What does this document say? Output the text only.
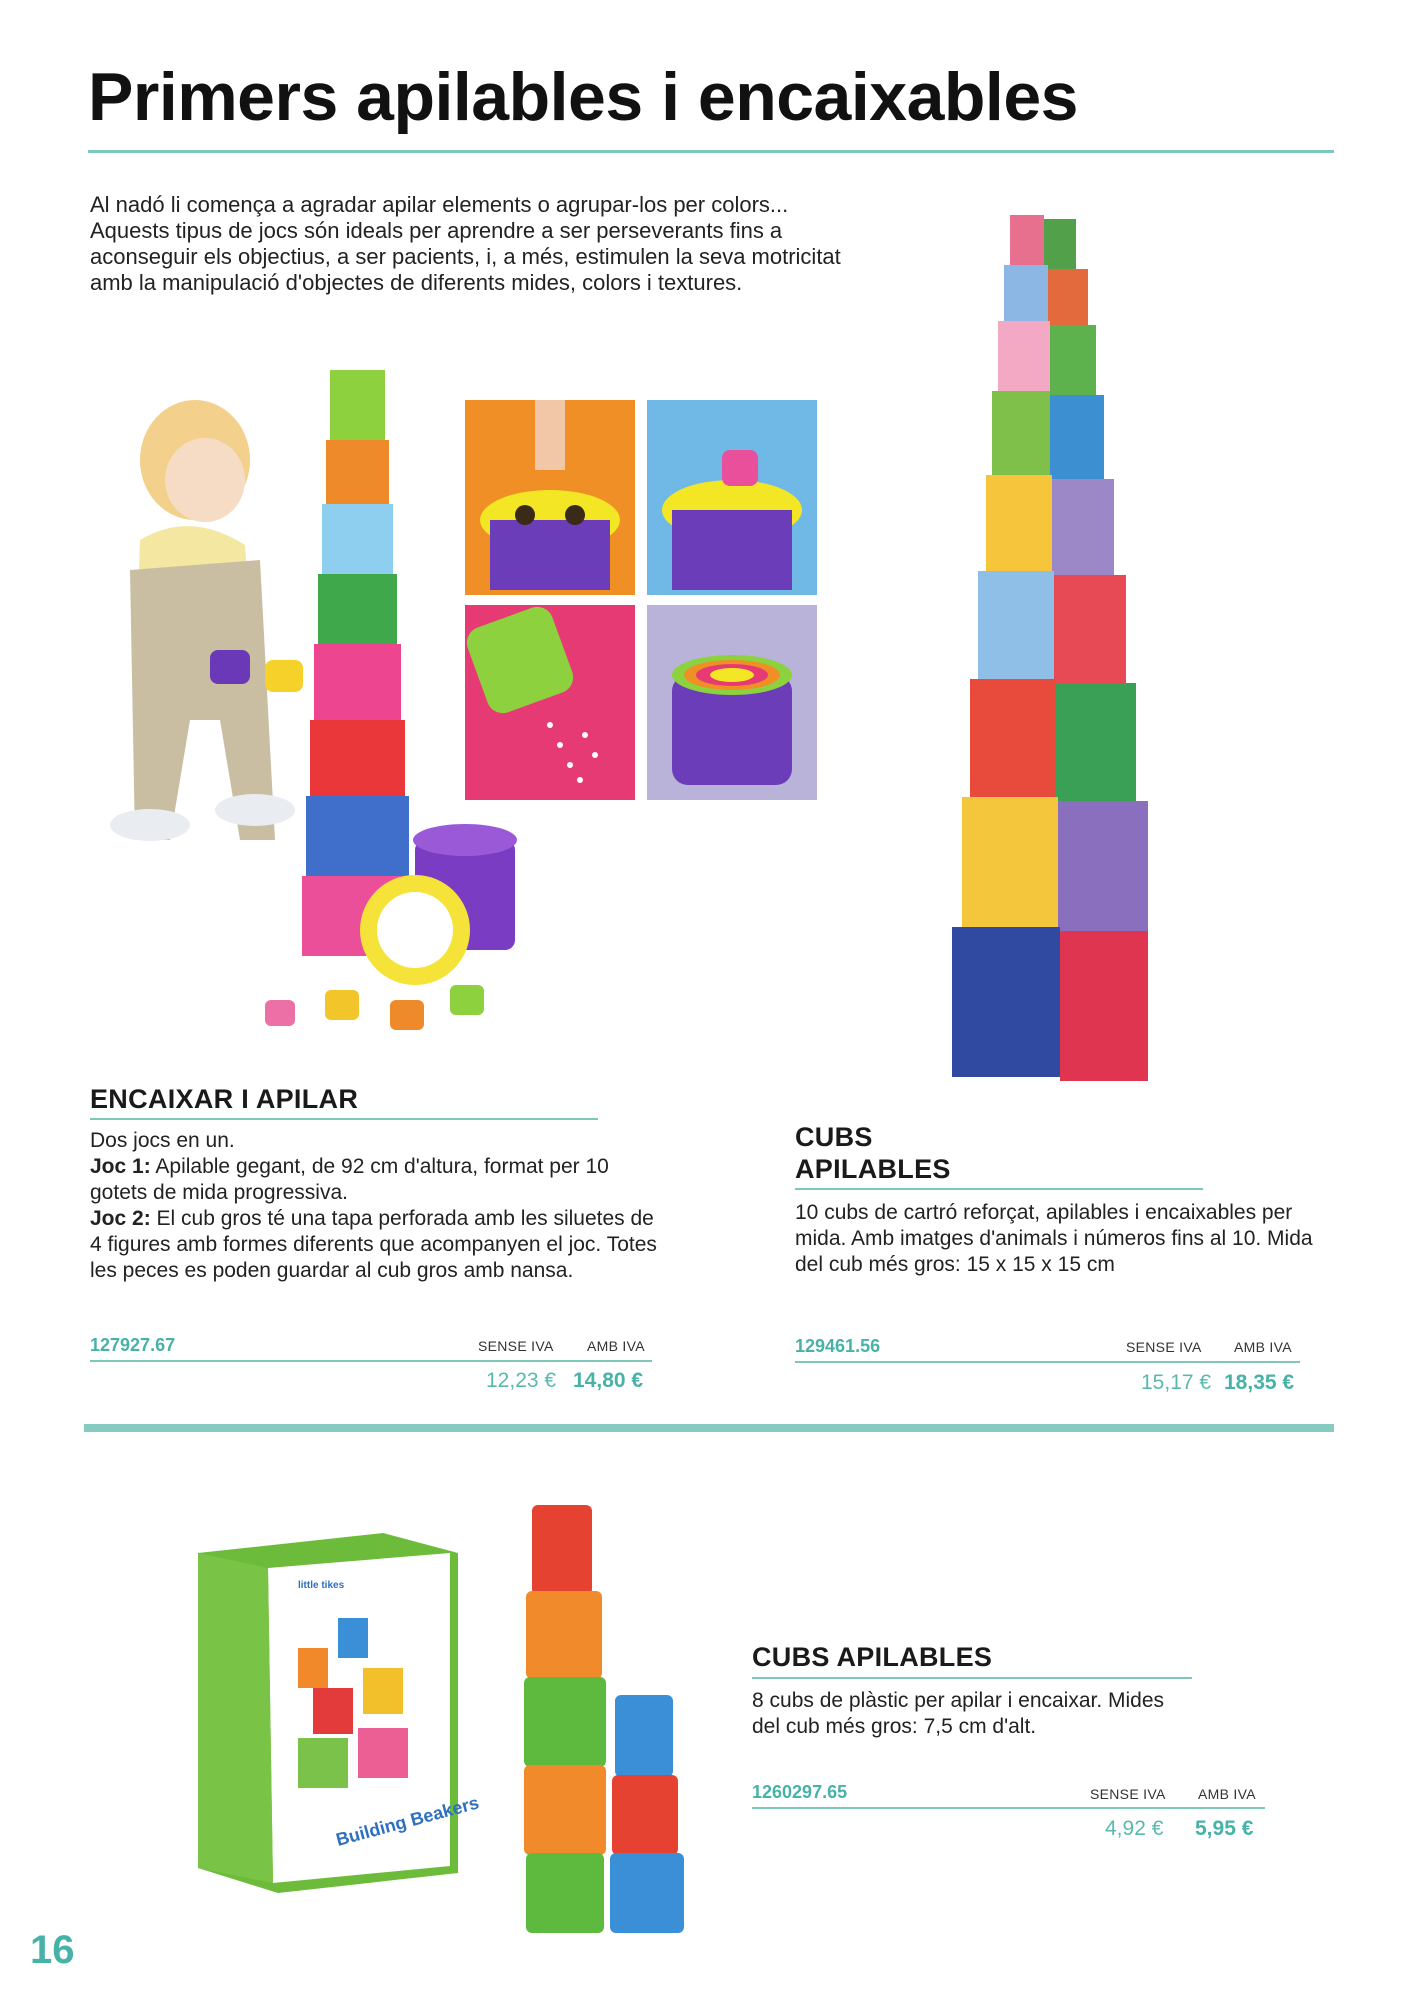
Primers apilables i encaixables

Al nadó li comença a agradar apilar elements o agrupar-los per colors... Aquests tipus de jocs són ideals per aprendre a ser perseverants fins a aconseguir els objectius, a ser pacients, i, a més, estimulen la seva motricitat amb la manipulació d'objectes de diferents mides, colors i textures.

ENCAIXAR I APILAR
Dos jocs en un.
Joc 1: Apilable gegant, de 92 cm d'altura, format per 10 gotets de mida progressiva.
Joc 2: El cub gros té una tapa perforada amb les siluetes de 4 figures amb formes diferents que acompanyen el joc. Totes les peces es poden guardar al cub gros amb nansa.
127927.67	SENSE IVA AMB IVA
12,23 € 14,80 €
CUBS
APILABLES

10 cubs de cartró reforçat, apilables i encaixables per mida. Amb imatges d'animals i números fins al 10. Mida del cub més gros: 15 x 15 x 15 cm

129461.56	SENSE IVA AMB IVA
15,17 € 18,35 €
Building Beakers
little tikes
CUBS APILABLES

8 cubs de plàstic per apilar i encaixar. Mides del cub més gros: 7,5 cm d'alt.

1260297.65	SENSE IVA AMB IVA
4,92 € 5,95 €
16
